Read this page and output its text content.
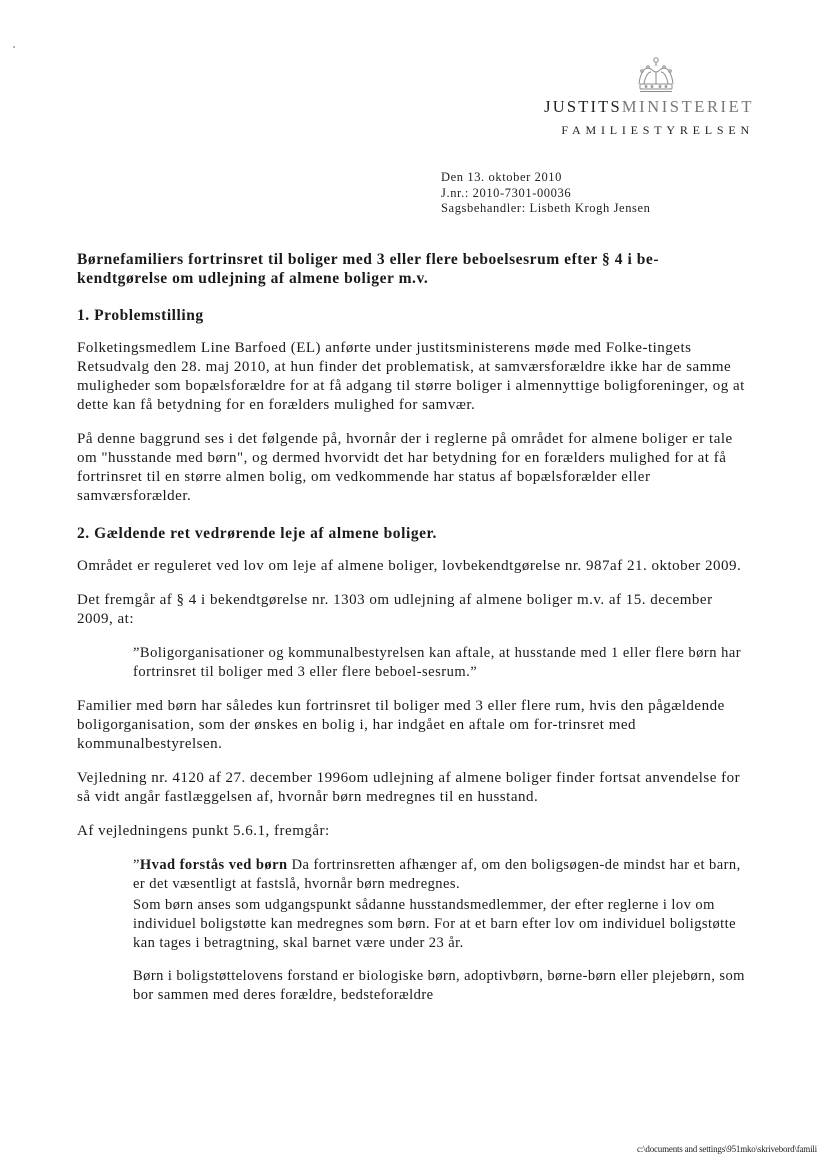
JUSTITSMINISTERIET
FAMILIESTYRELSEN
Den 13. oktober 2010
J.nr.: 2010-7301-00036
Sagsbehandler: Lisbeth Krogh Jensen

Børnefamiliers fortrinsret til boliger med 3 eller flere beboelsesrum efter § 4 i be-kendtgørelse om udlejning af almene boliger m.v.

1. Problemstilling

Folketingsmedlem Line Barfoed (EL) anførte under justitsministerens møde med Folke-tingets Retsudvalg den 28. maj 2010, at hun finder det problematisk, at samværsforældre ikke har de samme muligheder som bopælsforældre for at få adgang til større boliger i almennyttige boligforeninger, og at dette kan få betydning for en forælders mulighed for samvær.

På denne baggrund ses i det følgende på, hvornår der i reglerne på området for almene boliger er tale om "husstande med børn", og dermed hvorvidt det har betydning for en forælders mulighed for at få fortrinsret til en større almen bolig, om vedkommende har status af bopælsforælder eller samværsforælder.

2. Gældende ret vedrørende leje af almene boliger.

Området er reguleret ved lov om leje af almene boliger, lovbekendtgørelse nr. 987af 21. oktober 2009.

Det fremgår af § 4 i bekendtgørelse nr. 1303 om udlejning af almene boliger m.v. af 15. december 2009, at:

”Boligorganisationer og kommunalbestyrelsen kan aftale, at husstande med 1 eller flere børn har fortrinsret til boliger med 3 eller flere beboel-sesrum.”

Familier med børn har således kun fortrinsret til boliger med 3 eller flere rum, hvis den pågældende boligorganisation, som der ønskes en bolig i, har indgået en aftale om for-trinsret med kommunalbestyrelsen.

Vejledning nr. 4120 af 27. december 1996om udlejning af almene boliger finder fortsat anvendelse for så vidt angår fastlæggelsen af, hvornår børn medregnes til en husstand.

Af vejledningens punkt 5.6.1, fremgår:

”Hvad forstås ved børn Da fortrinsretten afhænger af, om den boligsøgen-de mindst har et barn, er det væsentligt at fastslå, hvornår børn medregnes.

Som børn anses som udgangspunkt sådanne husstandsmedlemmer, der efter reglerne i lov om individuel boligstøtte kan medregnes som børn. For at et barn efter lov om individuel boligstøtte kan tages i betragtning, skal barnet være under 23 år.

Børn i boligstøttelovens forstand er biologiske børn, adoptivbørn, børne-børn eller plejebørn, som bor sammen med deres forældre, bedsteforældre

c:\documents and settings\951mko\skrivebord\famili
